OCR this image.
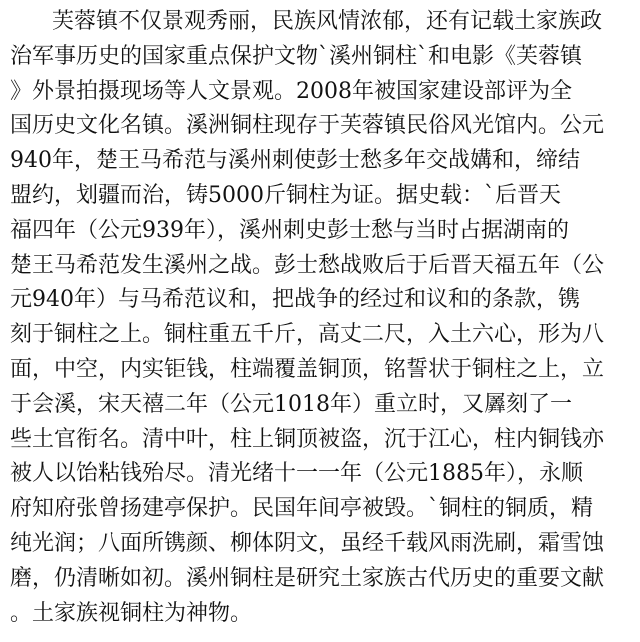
芙蓉镇不仅景观秀丽，民族风情浓郁，还有记载土家族政
治军事历史的国家重点保护文物`溪州铜柱`和电影《芙蓉镇
》外景拍摄现场等人文景观。2008年被国家建设部评为全
国历史文化名镇。溪洲铜柱现存于芙蓉镇民俗风光馆内。公元
940年，楚王马希范与溪州刺使彭士愁多年交战媾和，缔结
盟约，划疆而治，铸5000斤铜柱为证。据史载：`后晋天
福四年（公元939年），溪州刺史彭士愁与当时占据湖南的
楚王马希范发生溪州之战。彭士愁战败后于后晋天福五年（公
元940年）与马希范议和，把战争的经过和议和的条款，镌
刻于铜柱之上。铜柱重五千斤，高丈二尺，入土六心，形为八
面，中空，内实钜钱，柱端覆盖铜顶，铭誓状于铜柱之上，立
于会溪，宋天禧二年（公元1018年）重立时，又羼刻了一
些土官衔名。清中叶，柱上铜顶被盗，沉于江心，柱内铜钱亦
被人以饴粘钱殆尽。清光绪十一一年（公元1885年），永顺
府知府张曾扬建亭保护。民国年间亭被毁。`铜柱的铜质，精
纯光润；八面所镌颜、柳体阴文，虽经千载风雨洗刷，霜雪蚀
磨，仍清晰如初。溪州铜柱是研究土家族古代历史的重要文献
。土家族视铜柱为神物。
